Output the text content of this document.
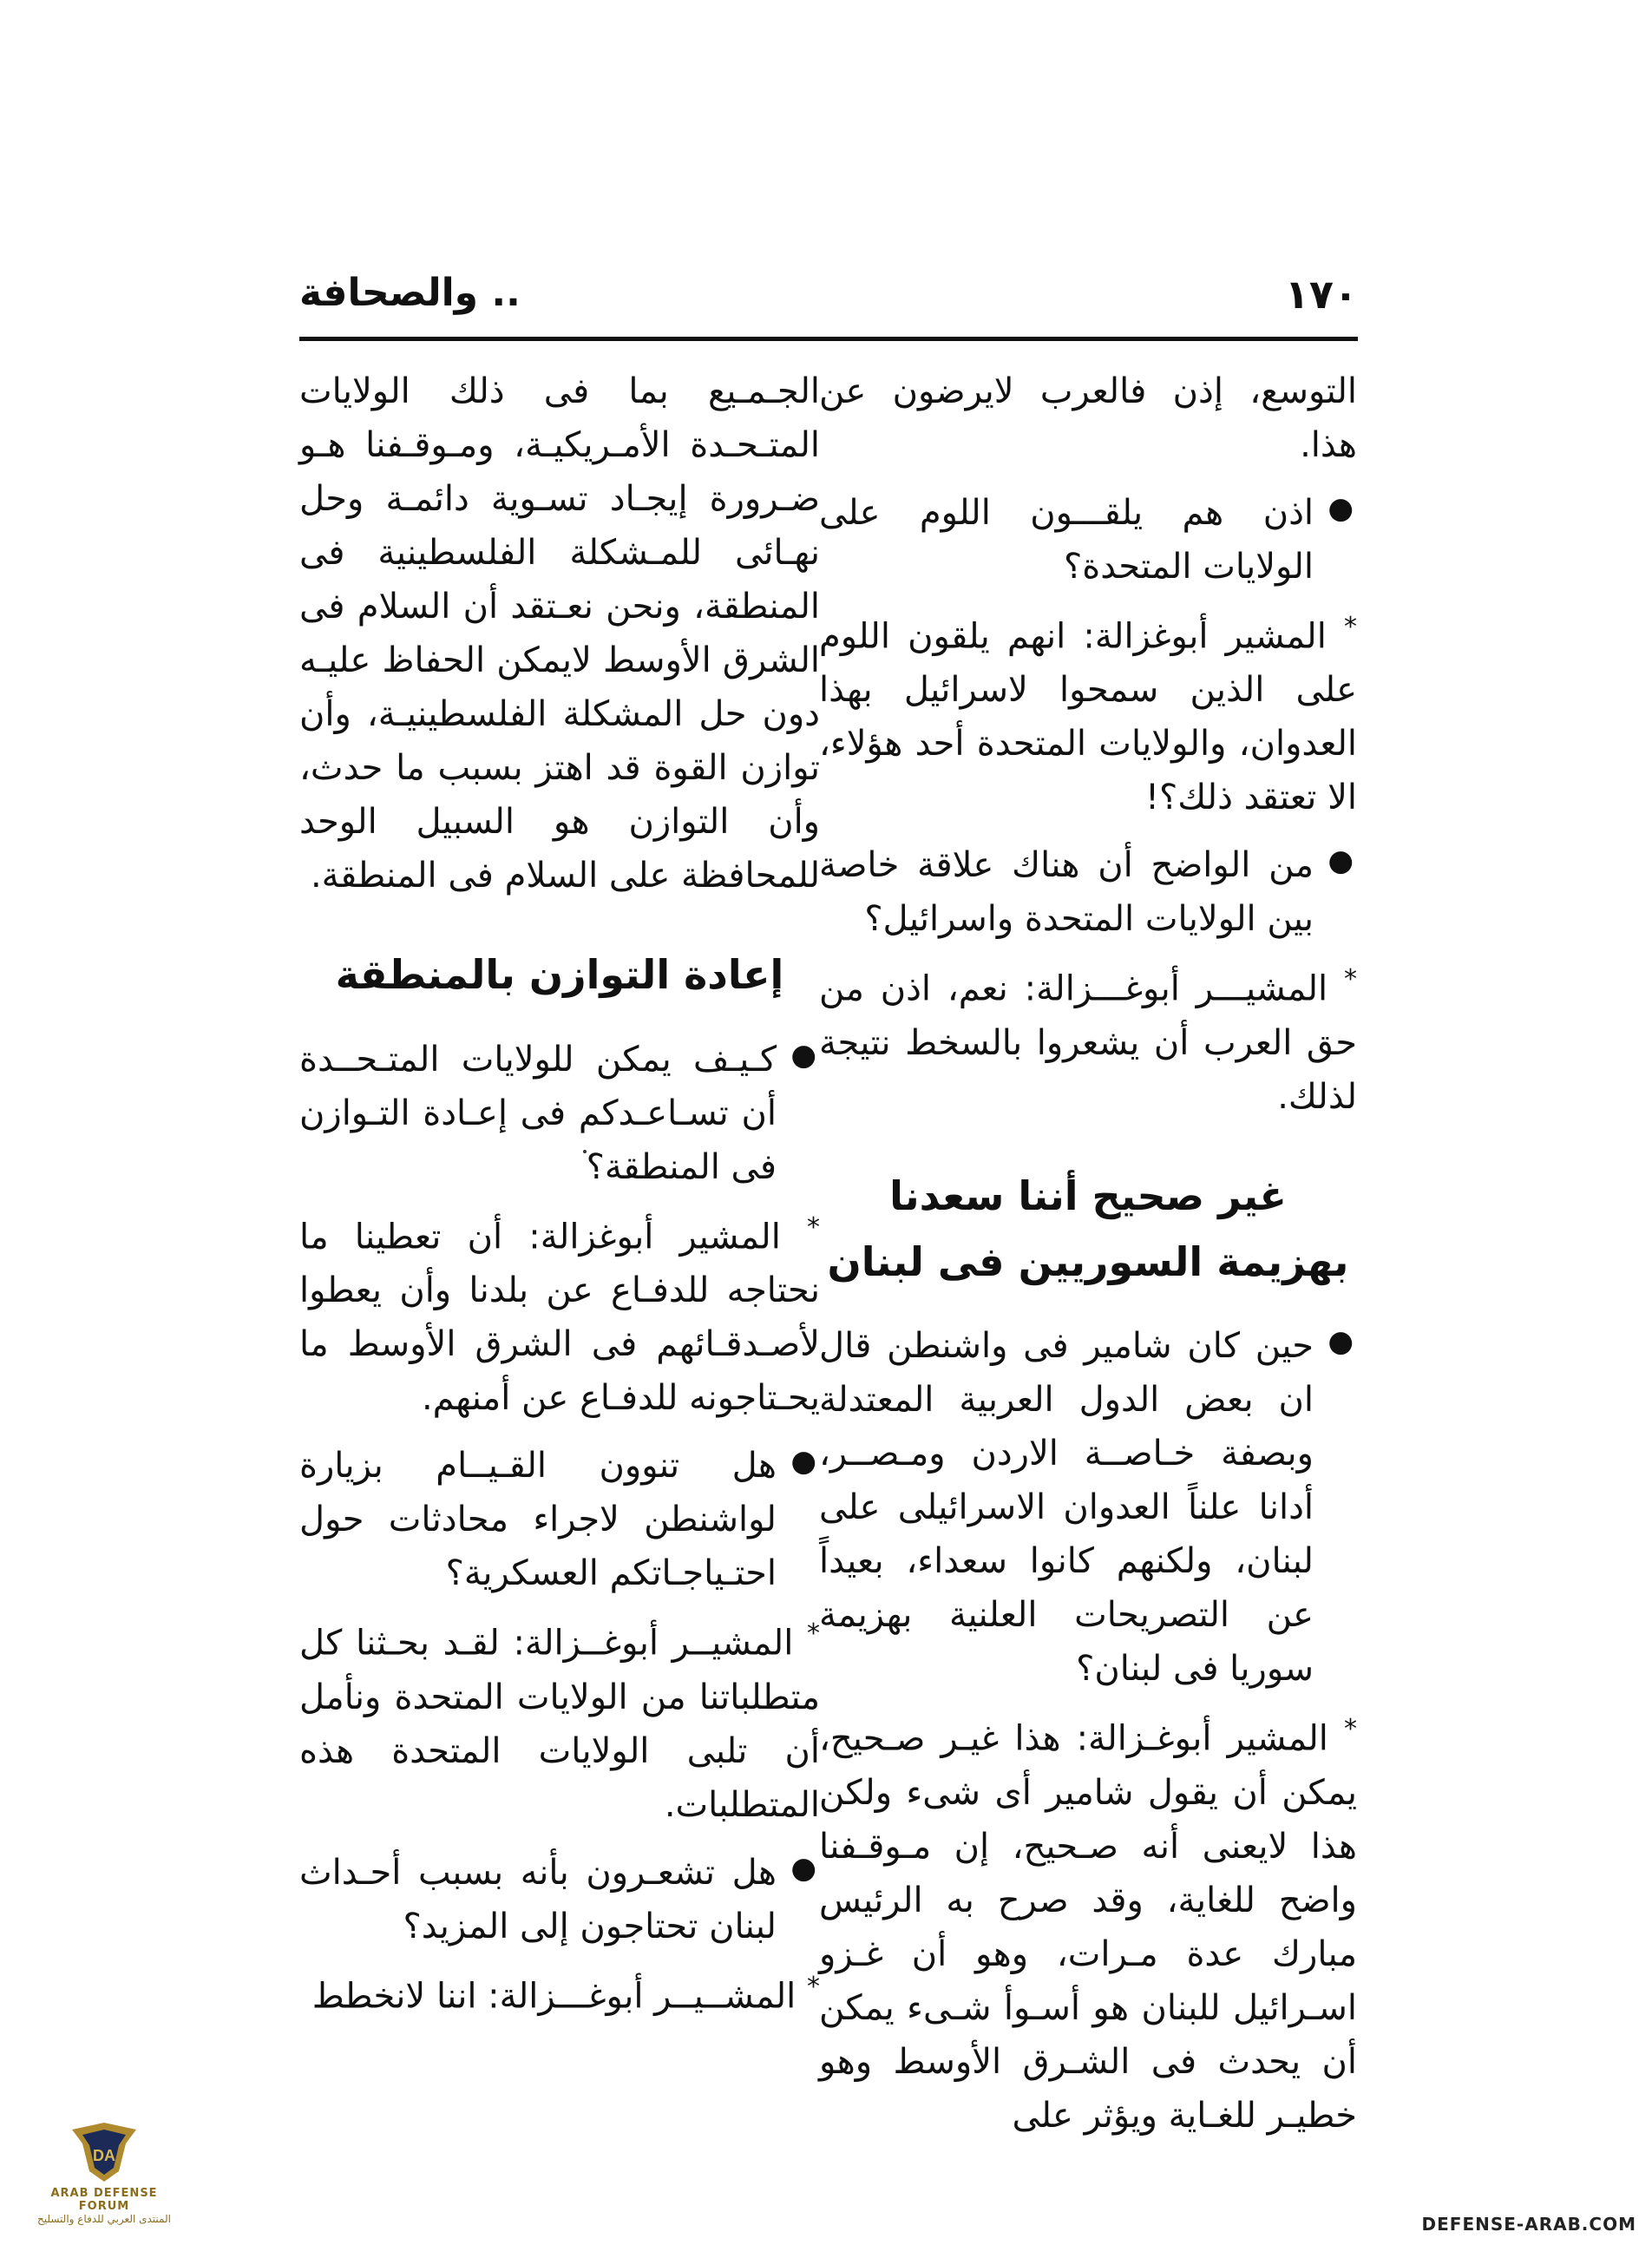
١٧٠
.. والصحافة
التوسع، إذن فالعرب لايرضون عن هذا.
●
اذن هم يلقـــون اللوم على الولايات المتحدة؟
* المشير أبوغزالة: انهم يلقون اللوم على الذين سمحوا لاسرائيل بهذا العدوان، والولايات المتحدة أحد هؤلاء، الا تعتقد ذلك؟!
●
من الواضح أن هناك علاقة خاصة بين الولايات المتحدة واسرائيل؟
* المشيـــر أبوغـــزالة: نعم، اذن من حق العرب أن يشعروا بالسخط نتيجة لذلك.
غير صحيح أننا سعدنا بهزيمة السوريين فى لبنان
●
حين كان شامير فى واشنطن قال ان بعض الدول العربية المعتدلة وبصفة خـاصــة الاردن ومـصــر، أدانا علناً العدوان الاسرائيلى على لبنان، ولكنهم كانوا سعداء، بعيداً عن التصريحات العلنية بهزيمة سوريا فى لبنان؟
* المشير أبوغـزالة: هذا غيـر صـحيح، يمكن أن يقول شامير أى شىء ولكن هذا لايعنى أنه صـحيح، إن مـوقـفنا واضح للغاية، وقد صرح به الرئيس مبارك عدة مـرات، وهو أن غـزو اسـرائيل للبنان هو أسـوأ شـىء يمكن أن يحدث فى الشـرق الأوسط وهو خطيـر للغـاية ويؤثر على
الجـمـيع بما فى ذلك الولايات المتـحـدة الأمـريكيـة، ومـوقـفنا هـو ضـرورة إيجـاد تسـوية دائمـة وحل نهـائى للمـشكلة الفلسطينية فى المنطقة، ونحن نعـتقد أن السلام فى الشرق الأوسط لايمكن الحفاظ عليـه دون حل المشكلة الفلسطينيـة، وأن توازن القوة قد اهتز بسبب ما حدث، وأن التوازن هو السبيل الوحد للمحافظة على السلام فى المنطقة.
إعادة التوازن بالمنطقة
●
كـيـف يمكن للولايات المتـحــدة أن تسـاعـدكم فى إعـادة التـوازن فى المنطقة؟
* المشير أبوغزالة: أن تعطينا ما نحتاجه للدفـاع عن بلدنا وأن يعطوا لأصـدقـائهم فى الشرق الأوسط ما يحـتاجونه للدفـاع عن أمنهم.
●
هل تنوون القـيــام بزيارة لواشنطن لاجراء محادثات حول احتـياجـاتكم العسكرية؟
* المشيــر أبوغــزالة: لقـد بحـثنا كل متطلباتنا من الولايات المتحدة ونأمل أن تلبى الولايات المتحدة هذه المتطلبات.
●
هل تشعـرون بأنه بسبب أحـداث لبنان تحتاجون إلى المزيد؟
* المشــيــر أبوغـــزالة: اننا لانخطط
DA
ARAB DEFENSE FORUM
المنتدى العربي للدفاع والتسليح	DEFENSE-ARAB.COM
